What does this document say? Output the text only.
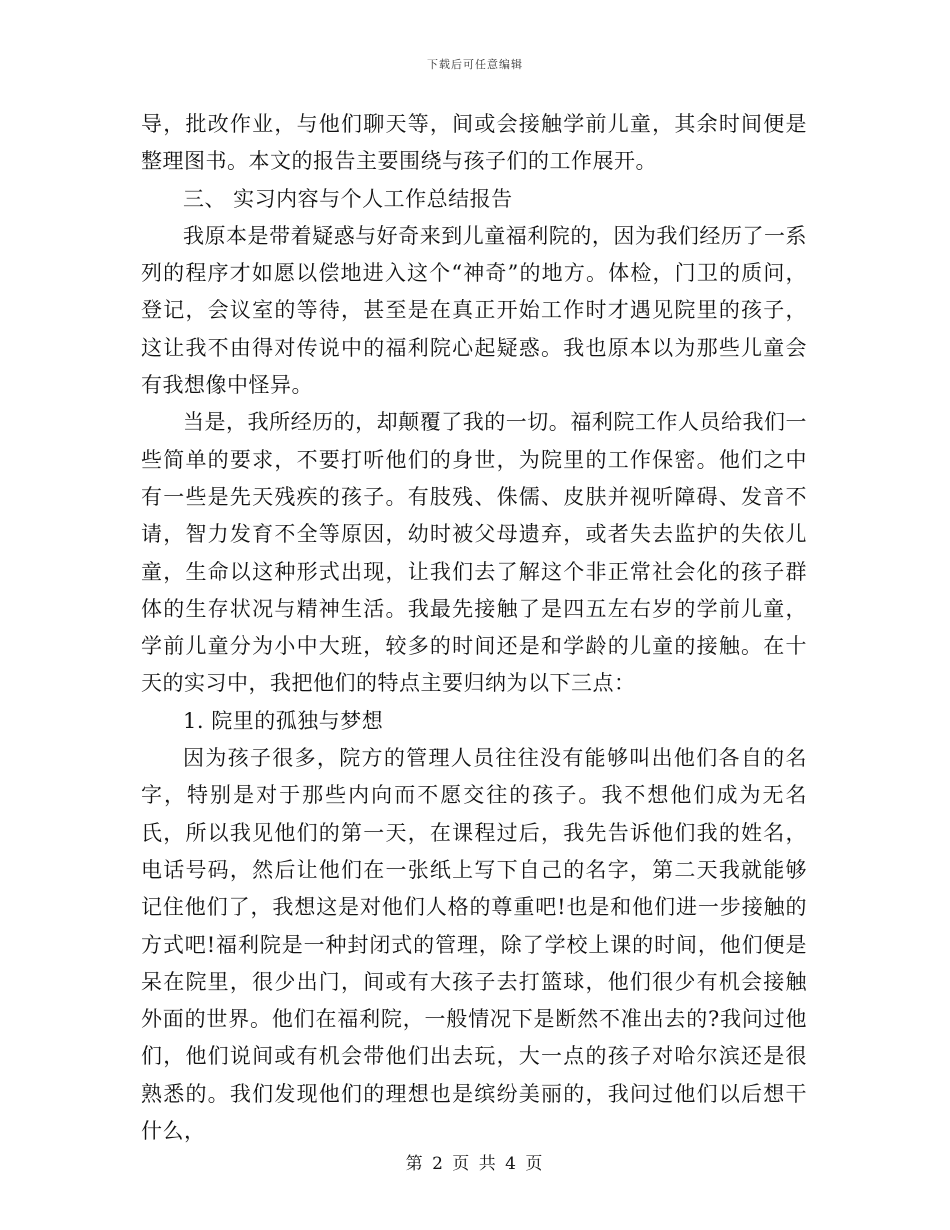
下载后可任意编辑

导，批改作业，与他们聊天等，间或会接触学前儿童，其余时间便是整理图书。本文的报告主要围绕与孩子们的工作展开。

三、 实习内容与个人工作总结报告

我原本是带着疑惑与好奇来到儿童福利院的，因为我们经历了一系列的程序才如愿以偿地进入这个“神奇”的地方。体检，门卫的质问，登记，会议室的等待，甚至是在真正开始工作时才遇见院里的孩子，这让我不由得对传说中的福利院心起疑惑。我也原本以为那些儿童会有我想像中怪异。

当是，我所经历的，却颠覆了我的一切。福利院工作人员给我们一些简单的要求，不要打听他们的身世，为院里的工作保密。他们之中有一些是先天残疾的孩子。有肢残、侏儒、皮肤并视听障碍、发音不请，智力发育不全等原因，幼时被父母遗弃，或者失去监护的失依儿童，生命以这种形式出现，让我们去了解这个非正常社会化的孩子群体的生存状况与精神生活。我最先接触了是四五左右岁的学前儿童，学前儿童分为小中大班，较多的时间还是和学龄的儿童的接触。在十天的实习中，我把他们的特点主要归纳为以下三点：

1. 院里的孤独与梦想

因为孩子很多，院方的管理人员往往没有能够叫出他们各自的名字，特别是对于那些内向而不愿交往的孩子。我不想他们成为无名氏，所以我见他们的第一天，在课程过后，我先告诉他们我的姓名，电话号码，然后让他们在一张纸上写下自己的名字，第二天我就能够记住他们了，我想这是对他们人格的尊重吧!也是和他们进一步接触的方式吧!福利院是一种封闭式的管理，除了学校上课的时间，他们便是呆在院里，很少出门，间或有大孩子去打篮球，他们很少有机会接触外面的世界。他们在福利院，一般情况下是断然不准出去的?我问过他们，他们说间或有机会带他们出去玩，大一点的孩子对哈尔滨还是很熟悉的。我们发现他们的理想也是缤纷美丽的，我问过他们以后想干什么，

第 2 页 共 4 页
